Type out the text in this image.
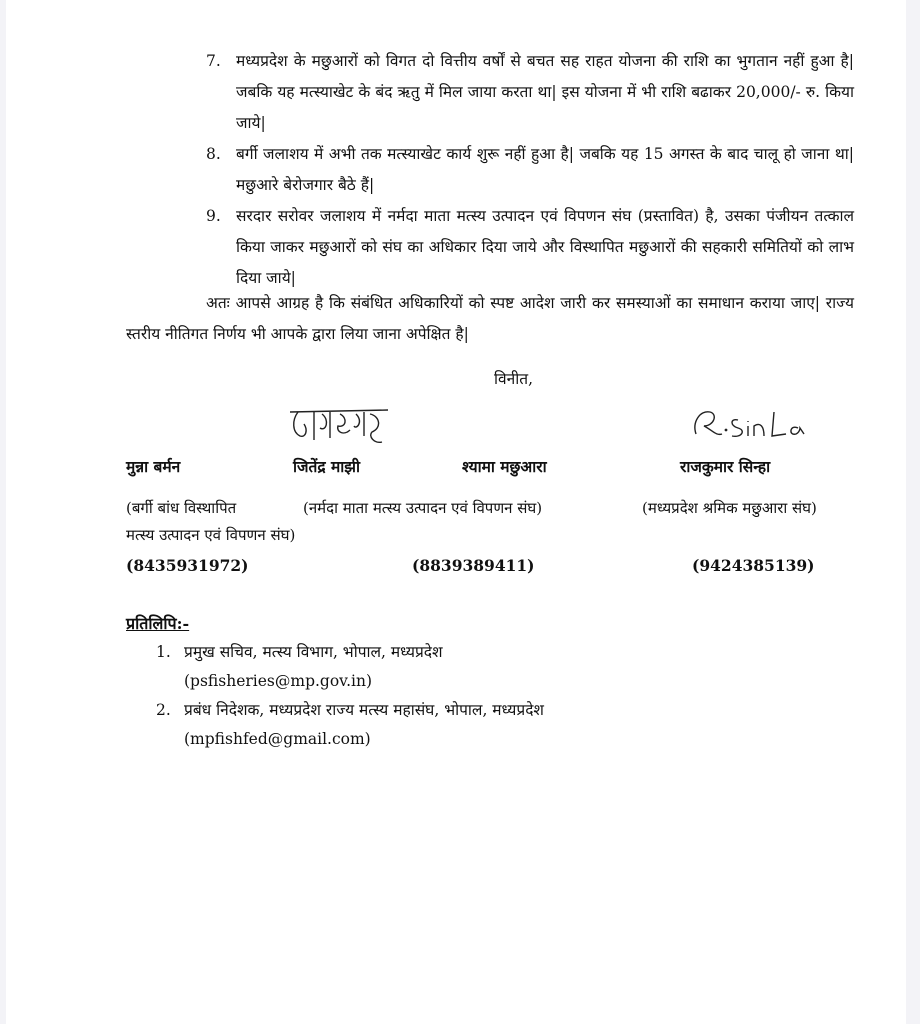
7. मध्यप्रदेश के मछुआरों को विगत दो वित्तीय वर्षों से बचत सह राहत योजना की राशि का भुगतान नहीं हुआ है| जबकि यह मत्स्याखेट के बंद ऋतु में मिल जाया करता था| इस योजना में भी राशि बढाकर 20,000/- रु. किया जाये|
8. बर्गी जलाशय में अभी तक मत्स्याखेट कार्य शुरू नहीं हुआ है| जबकि यह 15 अगस्त के बाद चालू हो जाना था| मछुआरे बेरोजगार बैठे हैं|
9. सरदार सरोवर जलाशय में नर्मदा माता मत्स्य उत्पादन एवं विपणन संघ (प्रस्तावित) है, उसका पंजीयन तत्काल किया जाकर मछुआरों को संघ का अधिकार दिया जाये और विस्थापित मछुआरों की सहकारी समितियों को लाभ दिया जाये|

अतः आपसे आग्रह है कि संबंधित अधिकारियों को स्पष्ट आदेश जारी कर समस्याओं का समाधान कराया जाए| राज्य स्तरीय नीतिगत निर्णय भी आपके द्वारा लिया जाना अपेक्षित है|

विनीत,
मुन्ना बर्मन	जितेंद्र माझी	श्यामा मछुआरा	राजकुमार सिन्हा
(बर्गी बांध विस्थापित
मत्स्य उत्पादन एवं विपणन संघ)
(नर्मदा माता मत्स्य उत्पादन एवं विपणन संघ)	(मध्यप्रदेश श्रमिक मछुआरा संघ)
(8435931972)	(8839389411)	(9424385139)
प्रतिलिपि:-
1. प्रमुख सचिव, मत्स्य विभाग, भोपाल, मध्यप्रदेश
(psfisheries@mp.gov.in)
2. प्रबंध निदेशक, मध्यप्रदेश राज्य मत्स्य महासंघ, भोपाल, मध्यप्रदेश
(mpfishfed@gmail.com)
